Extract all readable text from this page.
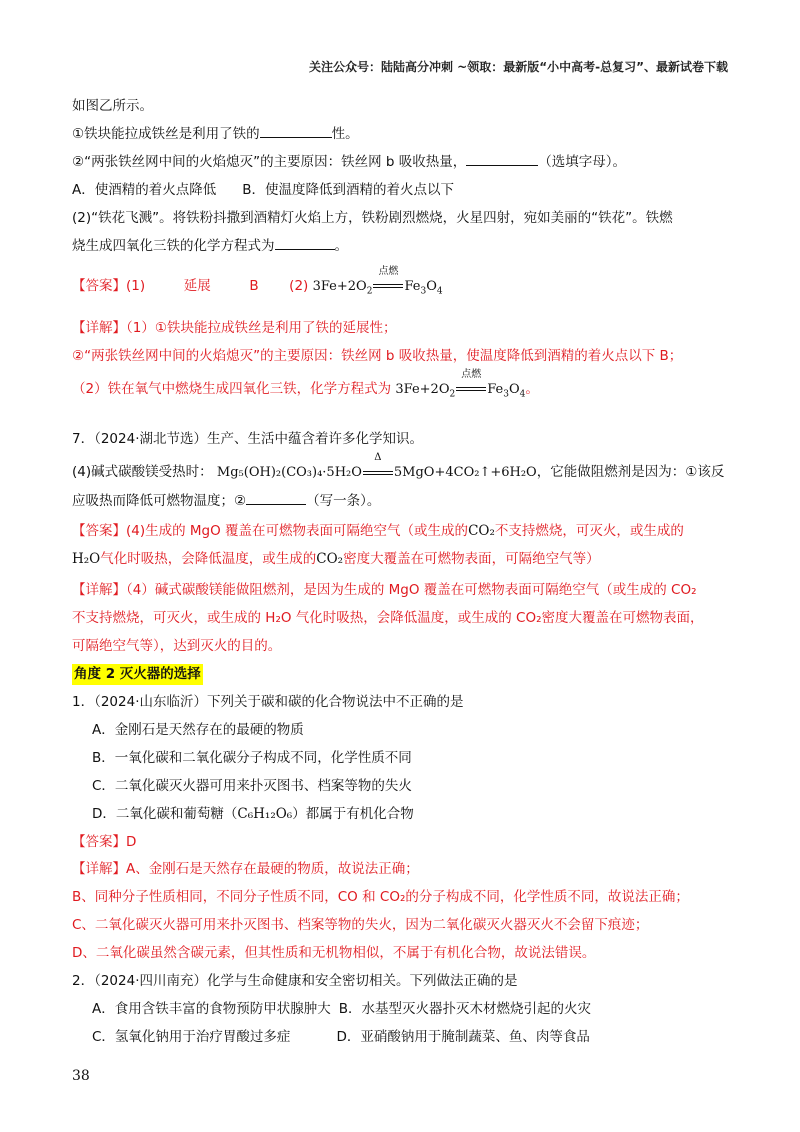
关注公众号：陆陆高分冲刺 ~领取：最新版“小中高考-总复习”、最新试卷下载
如图乙所示。
①铁块能拉成铁丝是利用了铁的	性。
②“两张铁丝网中间的火焰熄灭”的主要原因：铁丝网 b 吸收热量，	（选填字母）。
A．使酒精的着火点降低 B．使温度降低到酒精的着火点以下
(2)“铁花飞溅”。将铁粉抖撒到酒精灯火焰上方，铁粉剧烈燃烧，火星四射，宛如美丽的“铁花”。铁燃
烧生成四氧化三铁的化学方程式为	。
【答案】(1)	延展	B (2) $3Fe+2O_2$
点燃
$Fe_3O_4$
【详解】（1）①铁块能拉成铁丝是利用了铁的延展性；
②“两张铁丝网中间的火焰熄灭”的主要原因：铁丝网 b 吸收热量，使温度降低到酒精的着火点以下 B；
（2）铁在氧气中燃烧生成四氧化三铁，化学方程式为 $3Fe+2O_2$
点燃
$Fe_3O_4$。
7．（2024·湖北节选）生产、生活中蕴含着许多化学知识。
(4)碱式碳酸镁受热时： Mg₅(OH)₂(CO₃)₄·5H₂O
Δ
5MgO+4CO₂↑+6H₂O，它能做阻燃剂是因为：①该反
应吸热而降低可燃物温度；②	（写一条）。
【答案】(4)生成的 MgO 覆盖在可燃物表面可隔绝空气（或生成的CO₂不支持燃烧，可灭火，或生成的
H₂O气化时吸热，会降低温度，或生成的CO₂密度大覆盖在可燃物表面，可隔绝空气等）
【详解】（4）碱式碳酸镁能做阻燃剂，是因为生成的 MgO 覆盖在可燃物表面可隔绝空气（或生成的 CO₂
不支持燃烧，可灭火，或生成的 H₂O 气化时吸热，会降低温度，或生成的 CO₂密度大覆盖在可燃物表面，
可隔绝空气等），达到灭火的目的。
角度 2 灭火器的选择
1．（2024·山东临沂）下列关于碳和碳的化合物说法中不正确的是
A．金刚石是天然存在的最硬的物质
B．一氧化碳和二氧化碳分子构成不同，化学性质不同
C．二氧化碳灭火器可用来扑灭图书、档案等物的失火
D．二氧化碳和葡萄糖（C₆H₁₂O₆）都属于有机化合物
【答案】D
【详解】A、金刚石是天然存在最硬的物质，故说法正确；
B、同种分子性质相同，不同分子性质不同，CO 和 CO₂的分子构成不同，化学性质不同，故说法正确；
C、二氧化碳灭火器可用来扑灭图书、档案等物的失火，因为二氧化碳灭火器灭火不会留下痕迹；
D、二氧化碳虽然含碳元素，但其性质和无机物相似，不属于有机化合物，故说法错误。
2．（2024·四川南充）化学与生命健康和安全密切相关。下列做法正确的是
A．食用含铁丰富的食物预防甲状腺肿大 B．水基型灭火器扑灭木材燃烧引起的火灾
C．氢氧化钠用于治疗胃酸过多症	D．亚硝酸钠用于腌制蔬菜、鱼、肉等食品
38
